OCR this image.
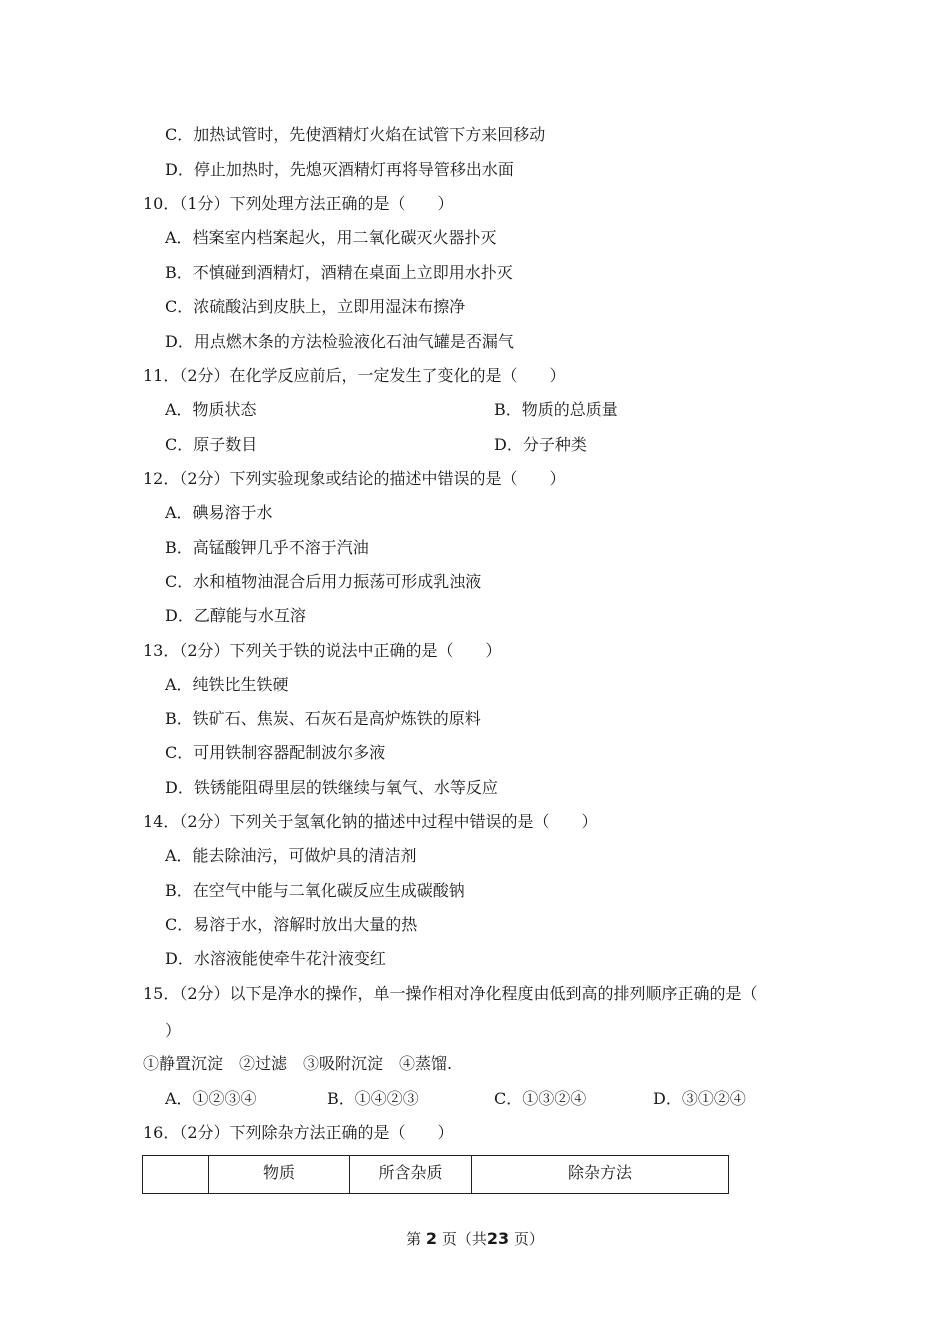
C．加热试管时，先使酒精灯火焰在试管下方来回移动
D．停止加热时，先熄灭酒精灯再将导管移出水面
10．（1分）下列处理方法正确的是（　　）
A．档案室内档案起火，用二氧化碳灭火器扑灭
B．不慎碰到酒精灯，酒精在桌面上立即用水扑灭
C．浓硫酸沾到皮肤上，立即用湿沫布擦净
D．用点燃木条的方法检验液化石油气罐是否漏气
11．（2分）在化学反应前后，一定发生了变化的是（　　）
A．物质状态	B．物质的总质量
C．原子数目	D．分子种类
12．（2分）下列实验现象或结论的描述中错误的是（　　）
A．碘易溶于水
B．高锰酸钾几乎不溶于汽油
C．水和植物油混合后用力振荡可形成乳浊液
D．乙醇能与水互溶
13．（2分）下列关于铁的说法中正确的是（　　）
A．纯铁比生铁硬
B．铁矿石、焦炭、石灰石是高炉炼铁的原料
C．可用铁制容器配制波尔多液
D．铁锈能阻碍里层的铁继续与氧气、水等反应
14．（2分）下列关于氢氧化钠的描述中过程中错误的是（　　）
A．能去除油污，可做炉具的清洁剂
B．在空气中能与二氧化碳反应生成碳酸钠
C．易溶于水，溶解时放出大量的热
D．水溶液能使牵牛花汁液变红
15．（2分）以下是净水的操作，单一操作相对净化程度由低到高的排列顺序正确的是（
）
①静置沉淀　②过滤　③吸附沉淀　④蒸馏.
A．①②③④	B．①④②③	C．①③②④	D．③①②④
16．（2分）下列除杂方法正确的是（　　）
	物质	所含杂质	除杂方法
第 2 页（共23 页）
